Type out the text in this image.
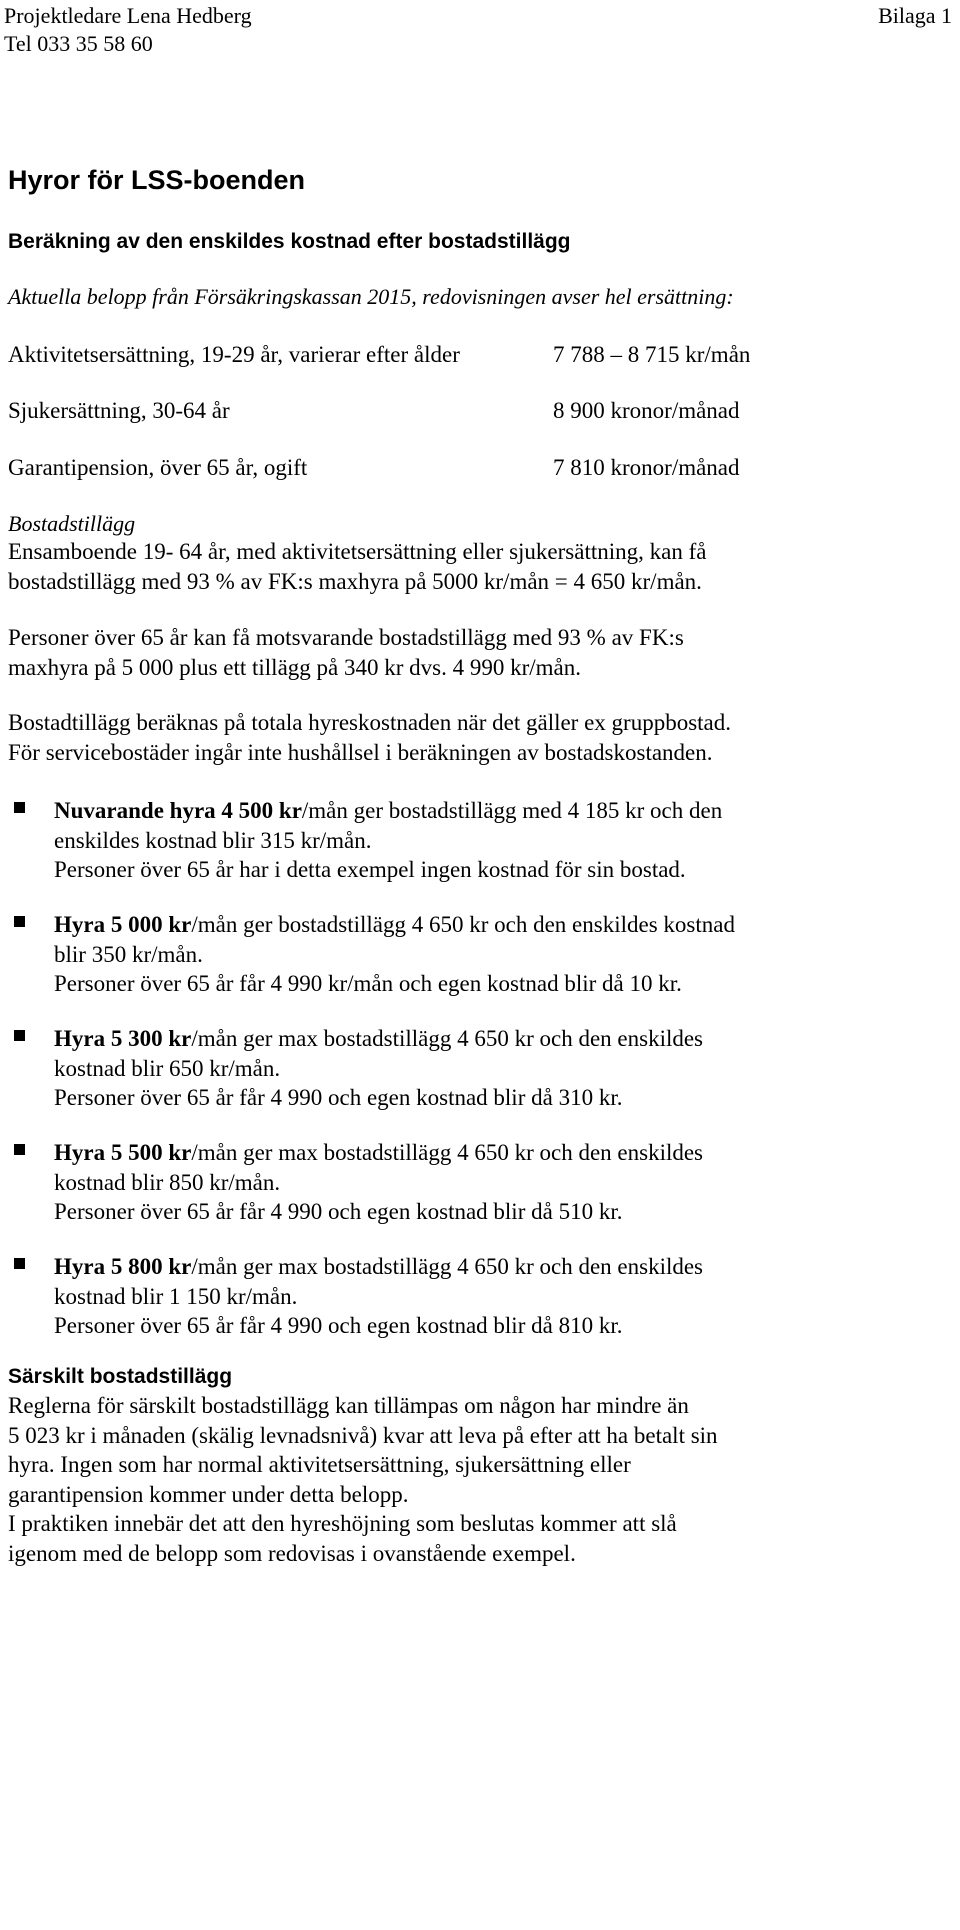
Projektledare Lena Hedberg
Tel 033 35 58 60
Bilaga 1
Hyror för LSS-boenden
Beräkning av den enskildes kostnad efter bostadstillägg
Aktuella belopp från Försäkringskassan 2015, redovisningen avser hel ersättning:
Aktivitetsersättning, 19-29 år, varierar efter ålder	7 788 – 8 715 kr/mån
Sjukersättning, 30-64 år	8 900 kronor/månad
Garantipension, över 65 år, ogift	7 810 kronor/månad
Bostadstillägg
Ensamboende 19- 64 år, med aktivitetsersättning eller sjukersättning, kan få
bostadstillägg med 93 % av FK:s maxhyra på 5000 kr/mån = 4 650 kr/mån.
Personer över 65 år kan få motsvarande bostadstillägg med 93 % av FK:s
maxhyra på 5 000 plus ett tillägg på 340 kr dvs. 4 990 kr/mån.
Bostadtillägg beräknas på totala hyreskostnaden när det gäller ex gruppbostad.
För servicebostäder ingår inte hushållsel i beräkningen av bostadskostanden.
Nuvarande hyra 4 500 kr/mån ger bostadstillägg med 4 185 kr och den
enskildes kostnad blir 315 kr/mån.
Personer över 65 år har i detta exempel ingen kostnad för sin bostad.
Hyra 5 000 kr/mån ger bostadstillägg 4 650 kr och den enskildes kostnad
blir 350 kr/mån.
Personer över 65 år får 4 990 kr/mån och egen kostnad blir då 10 kr.
Hyra 5 300 kr/mån ger max bostadstillägg 4 650 kr och den enskildes
kostnad blir 650 kr/mån.
Personer över 65 år får 4 990 och egen kostnad blir då 310 kr.
Hyra 5 500 kr/mån ger max bostadstillägg 4 650 kr och den enskildes
kostnad blir 850 kr/mån.
Personer över 65 år får 4 990 och egen kostnad blir då 510 kr.
Hyra 5 800 kr/mån ger max bostadstillägg 4 650 kr och den enskildes
kostnad blir 1 150 kr/mån.
Personer över 65 år får 4 990 och egen kostnad blir då 810 kr.
Särskilt bostadstillägg
Reglerna för särskilt bostadstillägg kan tillämpas om någon har mindre än
5 023 kr i månaden (skälig levnadsnivå) kvar att leva på efter att ha betalt sin
hyra. Ingen som har normal aktivitetsersättning, sjukersättning eller
garantipension kommer under detta belopp.
I praktiken innebär det att den hyreshöjning som beslutas kommer att slå
igenom med de belopp som redovisas i ovanstående exempel.
